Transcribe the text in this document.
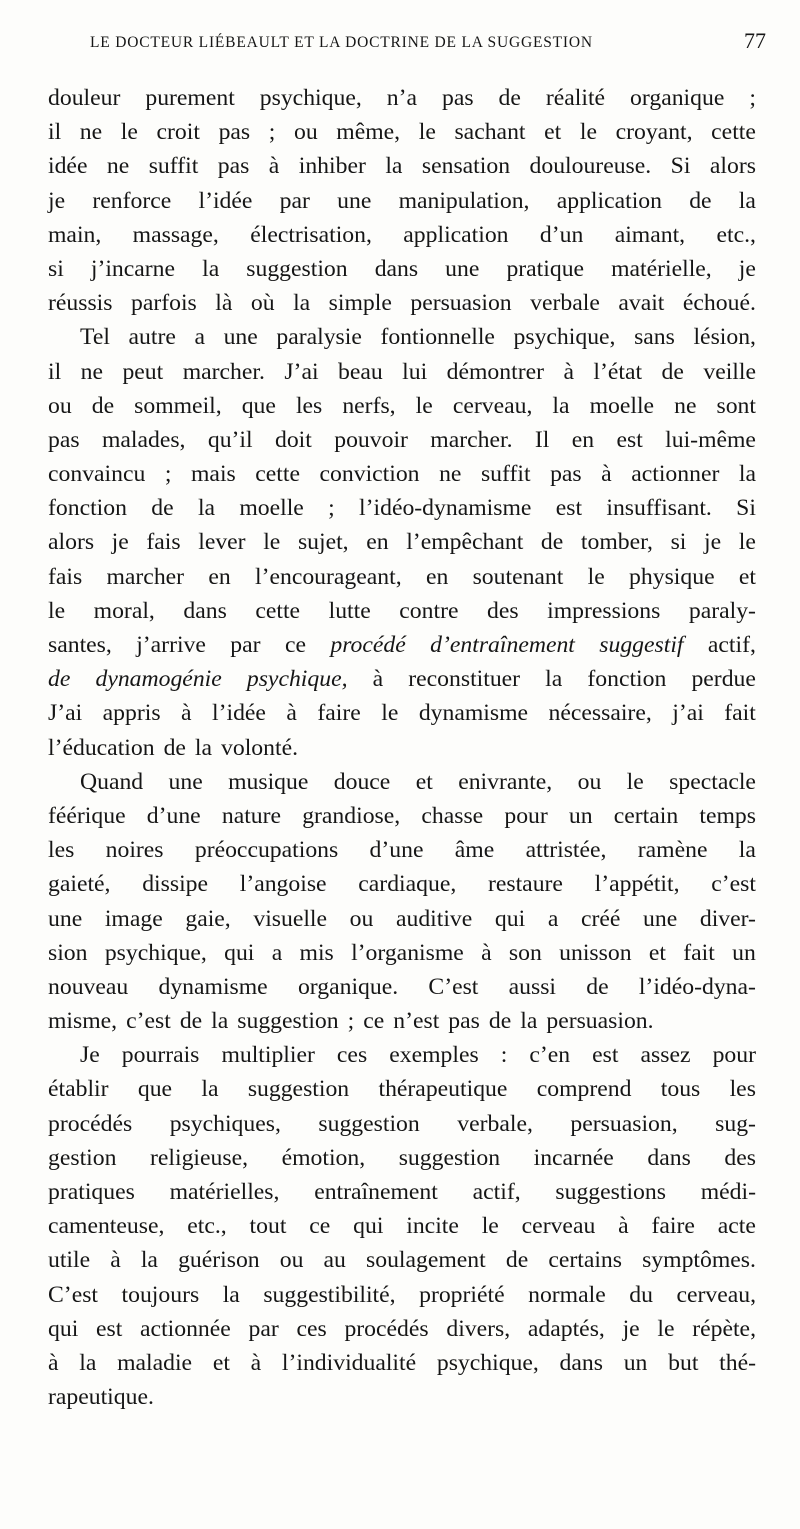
LE DOCTEUR LIÉBEAULT ET LA DOCTRINE DE LA SUGGESTION	77
douleur purement psychique, n’a pas de réalité organique ;
il ne le croit pas ; ou même, le sachant et le croyant, cette
idée ne suffit pas à inhiber la sensation douloureuse. Si alors
je renforce l’idée par une manipulation, application de la
main, massage, électrisation, application d’un aimant, etc.,
si j’incarne la suggestion dans une pratique matérielle, je
réussis parfois là où la simple persuasion verbale avait échoué.
Tel autre a une paralysie fontionnelle psychique, sans lésion,
il ne peut marcher. J’ai beau lui démontrer à l’état de veille
ou de sommeil, que les nerfs, le cerveau, la moelle ne sont
pas malades, qu’il doit pouvoir marcher. Il en est lui-même
convaincu ; mais cette conviction ne suffit pas à actionner la
fonction de la moelle ; l’idéo-dynamisme est insuffisant. Si
alors je fais lever le sujet, en l’empêchant de tomber, si je le
fais marcher en l’encourageant, en soutenant le physique et
le moral, dans cette lutte contre des impressions paraly-
santes, j’arrive par ce procédé d’entraînement suggestif actif,
de dynamogénie psychique, à reconstituer la fonction perdue
J’ai appris à l’idée à faire le dynamisme nécessaire, j’ai fait
l’éducation de la volonté.
Quand une musique douce et enivrante, ou le spectacle
féérique d’une nature grandiose, chasse pour un certain temps
les noires préoccupations d’une âme attristée, ramène la
gaieté, dissipe l’angoise cardiaque, restaure l’appétit, c’est
une image gaie, visuelle ou auditive qui a créé une diver-
sion psychique, qui a mis l’organisme à son unisson et fait un
nouveau dynamisme organique. C’est aussi de l’idéo-dyna-
misme, c’est de la suggestion ; ce n’est pas de la persuasion.
Je pourrais multiplier ces exemples : c’en est assez pour
établir que la suggestion thérapeutique comprend tous les
procédés psychiques, suggestion verbale, persuasion, sug-
gestion religieuse, émotion, suggestion incarnée dans des
pratiques matérielles, entraînement actif, suggestions médi-
camenteuse, etc., tout ce qui incite le cerveau à faire acte
utile à la guérison ou au soulagement de certains symptômes.
C’est toujours la suggestibilité, propriété normale du cerveau,
qui est actionnée par ces procédés divers, adaptés, je le répète,
à la maladie et à l’individualité psychique, dans un but thé-
rapeutique.
